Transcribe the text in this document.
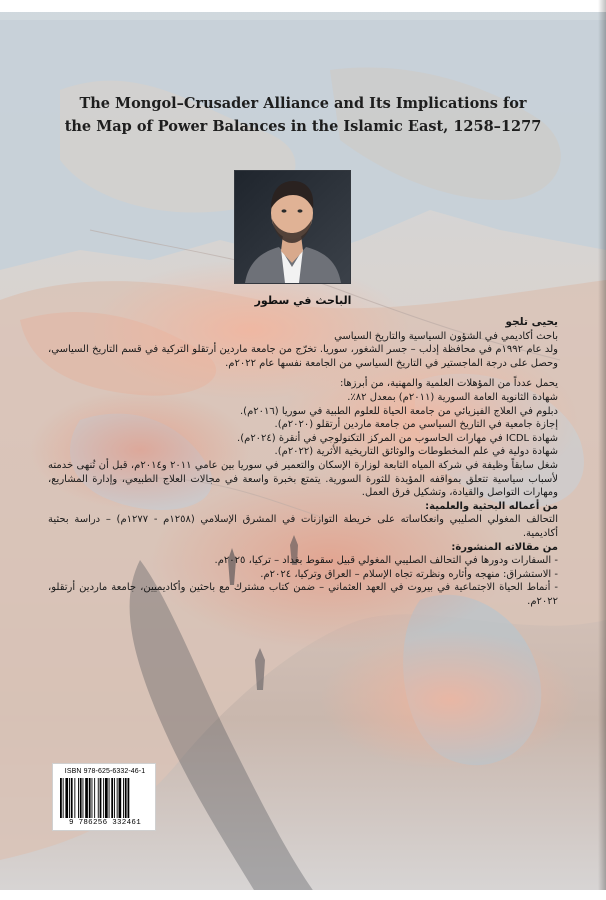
The Mongol–Crusader Alliance and Its Implications for
the Map of Power Balances in the Islamic East, 1258–1277
الباحث في سطور

يحيى تلجو

باحث أكاديمي في الشؤون السياسية والتاريخ السياسي

ولد عام ١٩٩٢م في محافظة إدلب – جسر الشغور، سوريا. تخرّج من جامعة ماردين أرتقلو التركية في قسم التاريخ السياسي، وحصل على درجة الماجستير في التاريخ السياسي من الجامعة نفسها عام ٢٠٢٢م.

يحمل عدداً من المؤهلات العلمية والمهنية، من أبرزها:

شهادة الثانوية العامة السورية (٢٠١١م) بمعدل ٨٢٪.

دبلوم في العلاج الفيزيائي من جامعة الحياة للعلوم الطبية في سوريا (٢٠١٦م).

إجازة جامعية في التاريخ السياسي من جامعة ماردين أرتقلو (٢٠٢٠م).

شهادة ICDL في مهارات الحاسوب من المركز التكنولوجي في أنقرة (٢٠٢٤م).

شهادة دولية في علم المخطوطات والوثائق التاريخية الأثرية (٢٠٢٢م).

شغل سابقاً وظيفة في شركة المياه التابعة لوزارة الإسكان والتعمير في سوريا بين عامي ٢٠١١ و٢٠١٤م، قبل أن تُنهى خدمته لأسباب سياسية تتعلق بمواقفه المؤيدة للثورة السورية. يتمتع بخبرة واسعة في مجالات العلاج الطبيعي، وإدارة المشاريع، ومهارات التواصل والقيادة، وتشكيل فرق العمل.

من أعماله البحثية والعلمية:

التحالف المغولي الصليبي وانعكاساته على خريطة التوازنات في المشرق الإسلامي (١٢٥٨م - ١٢٧٧م) – دراسة بحثية أكاديمية.

من مقالاته المنشورة:

- السفارات ودورها في التحالف الصليبي المغولي قبيل سقوط بغداد – تركيا، ٢٠٢٥م.

- الاستشراق: منهجه وأثاره ونظرته تجاه الإسلام – العراق وتركيا، ٢٠٢٤م.

- أنماط الحياة الاجتماعية في بيروت في العهد العثماني – ضمن كتاب مشترك مع باحثين وأكاديميين، جامعة ماردين أرتقلو، ٢٠٢٢م.

ISBN 978-625-6332-46-1
9 786256 332461
